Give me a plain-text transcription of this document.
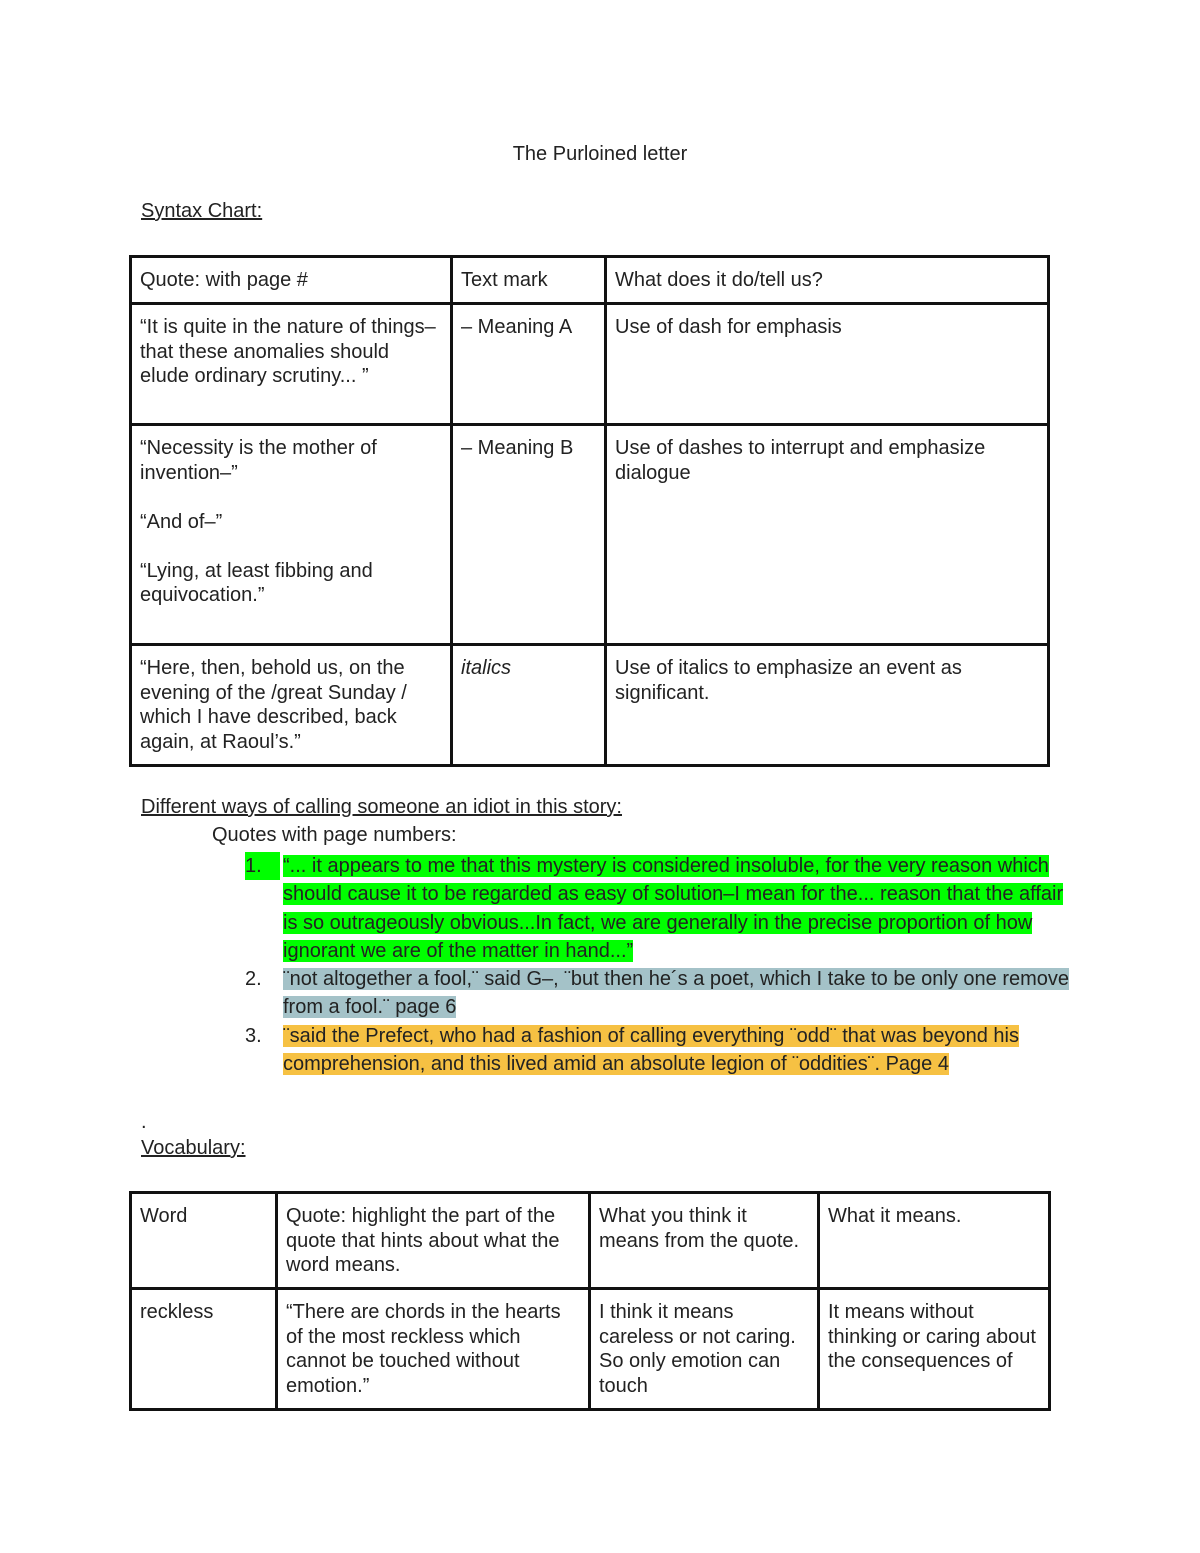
The Purloined letter
Syntax Chart:
Quote: with page #	Text mark	What does it do/tell us?

“It is quite in the nature of things–that these anomalies should elude ordinary scrutiny... ”	– Meaning A	Use of dash for emphasis

“Necessity is the mother of invention–”
“And of–”
“Lying, at least fibbing and equivocation.”	– Meaning B	Use of dashes to interrupt and emphasize dialogue

“Here, then, behold us, on the evening of the /great Sunday / which I have described, back again, at Raoul’s.”	italics	Use of italics to emphasize an event as significant.
Different ways of calling someone an idiot in this story:
Quotes with page numbers:
1.	“... it appears to me that this mystery is considered insoluble, for the very reason which should cause it to be regarded as easy of solution–I mean for the... reason that the affair is so outrageously obvious...In fact, we are generally in the precise proportion of how ignorant we are of the matter in hand...”
2. ¨not altogether a fool,¨ said G–, ¨but then he´s a poet, which I take to be only one remove from a fool.¨ page 6
3. ¨said the Prefect, who had a fashion of calling everything ¨odd¨ that was beyond his comprehension, and this lived amid an absolute legion of ¨oddities¨. Page 4
.
Vocabulary:
Word	Quote: highlight the part of the quote that hints about what the word means.	What you think it means from the quote.	What it means.
reckless	“There are chords in the hearts of the most reckless which cannot be touched without emotion.”	I think it means careless or not caring. So only emotion can touch	It means without thinking or caring about the consequences of
